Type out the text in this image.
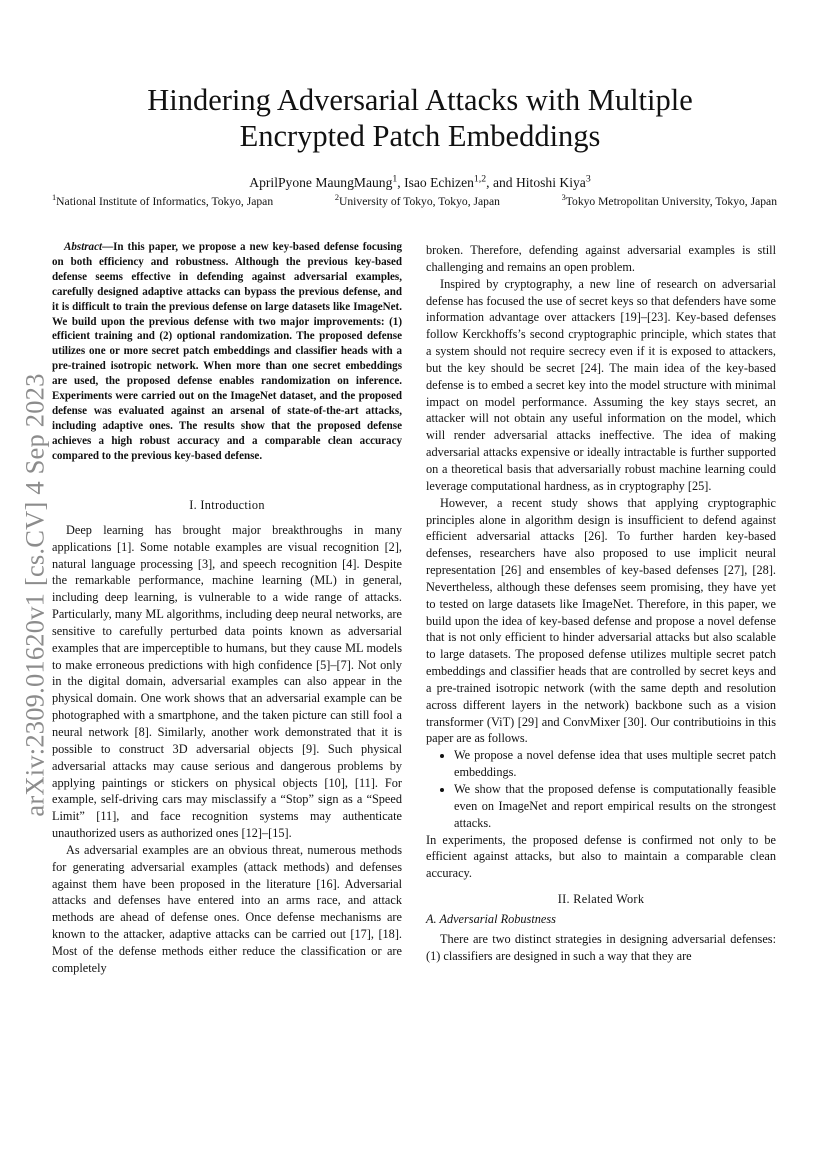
arXiv:2309.01620v1 [cs.CV] 4 Sep 2023
Hindering Adversarial Attacks with Multiple
Encrypted Patch Embeddings
AprilPyone MaungMaung$^1$, Isao Echizen$^{1,2}$, and Hitoshi Kiya$^3$
$^1$National Institute of Informatics, Tokyo, Japan	$^2$University of Tokyo, Tokyo, Japan	$^3$Tokyo Metropolitan University, Tokyo, Japan

Abstract—In this paper, we propose a new key-based defense focusing on both efficiency and robustness. Although the previous key-based defense seems effective in defending against adversarial examples, carefully designed adaptive attacks can bypass the previous defense, and it is difficult to train the previous defense on large datasets like ImageNet. We build upon the previous defense with two major improvements: (1) efficient training and (2) optional randomization. The proposed defense utilizes one or more secret patch embeddings and classifier heads with a pre-trained isotropic network. When more than one secret embeddings are used, the proposed defense enables randomization on inference. Experiments were carried out on the ImageNet dataset, and the proposed defense was evaluated against an arsenal of state-of-the-art attacks, including adaptive ones. The results show that the proposed defense achieves a high robust accuracy and a comparable clean accuracy compared to the previous key-based defense.

I. Introduction

Deep learning has brought major breakthroughs in many applications [1]. Some notable examples are visual recognition [2], natural language processing [3], and speech recognition [4]. Despite the remarkable performance, machine learning (ML) in general, including deep learning, is vulnerable to a wide range of attacks. Particularly, many ML algorithms, including deep neural networks, are sensitive to carefully perturbed data points known as adversarial examples that are imperceptible to humans, but they cause ML models to make erroneous predictions with high confidence [5]–[7]. Not only in the digital domain, adversarial examples can also appear in the physical domain. One work shows that an adversarial example can be photographed with a smartphone, and the taken picture can still fool a neural network [8]. Similarly, another work demonstrated that it is possible to construct 3D adversarial objects [9]. Such physical adversarial attacks may cause serious and dangerous problems by applying paintings or stickers on physical objects [10], [11]. For example, self-driving cars may misclassify a “Stop” sign as a “Speed Limit” [11], and face recognition systems may authenticate unauthorized users as authorized ones [12]–[15].

As adversarial examples are an obvious threat, numerous methods for generating adversarial examples (attack methods) and defenses against them have been proposed in the literature [16]. Adversarial attacks and defenses have entered into an arms race, and attack methods are ahead of defense ones. Once defense mechanisms are known to the attacker, adaptive attacks can be carried out [17], [18]. Most of the defense methods either reduce the classification or are completely

broken. Therefore, defending against adversarial examples is still challenging and remains an open problem.

Inspired by cryptography, a new line of research on adversarial defense has focused the use of secret keys so that defenders have some information advantage over attackers [19]–[23]. Key-based defenses follow Kerckhoffs’s second cryptographic principle, which states that a system should not require secrecy even if it is exposed to attackers, but the key should be secret [24]. The main idea of the key-based defense is to embed a secret key into the model structure with minimal impact on model performance. Assuming the key stays secret, an attacker will not obtain any useful information on the model, which will render adversarial attacks ineffective. The idea of making adversarial attacks expensive or ideally intractable is further supported on a theoretical basis that adversarially robust machine learning could leverage computational hardness, as in cryptography [25].

However, a recent study shows that applying cryptographic principles alone in algorithm design is insufficient to defend against efficient adversarial attacks [26]. To further harden key-based defenses, researchers have also proposed to use implicit neural representation [26] and ensembles of key-based defenses [27], [28]. Nevertheless, although these defenses seem promising, they have yet to tested on large datasets like ImageNet. Therefore, in this paper, we build upon the idea of key-based defense and propose a novel defense that is not only efficient to hinder adversarial attacks but also scalable to large datasets. The proposed defense utilizes multiple secret patch embeddings and classifier heads that are controlled by secret keys and a pre-trained isotropic network (with the same depth and resolution across different layers in the network) backbone such as a vision transformer (ViT) [29] and ConvMixer [30]. Our contributioins in this paper are as follows.

• We propose a novel defense idea that uses multiple secret patch embeddings.
• We show that the proposed defense is computationally feasible even on ImageNet and report empirical results on the strongest attacks.

In experiments, the proposed defense is confirmed not only to be efficient against attacks, but also to maintain a comparable clean accuracy.

II. Related Work
A. Adversarial Robustness

There are two distinct strategies in designing adversarial defenses: (1) classifiers are designed in such a way that they are
